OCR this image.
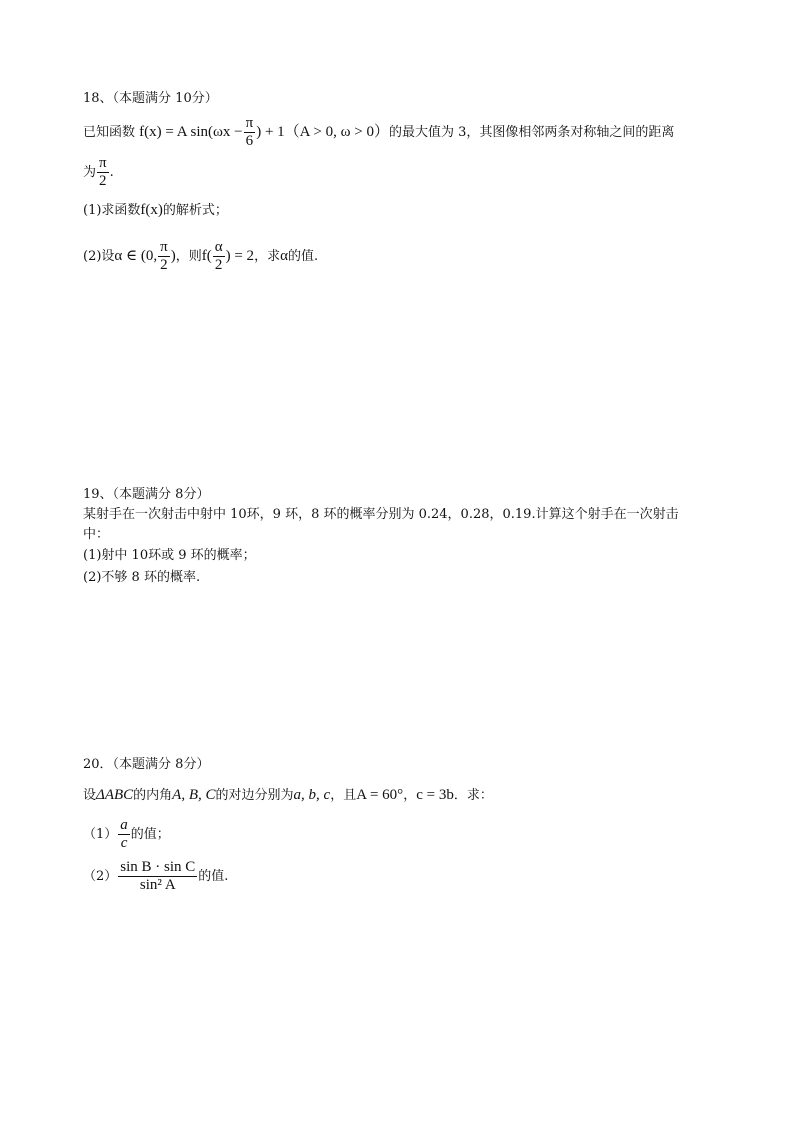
18、（本题满分 10分）
已知函数 f(x) = A $\sin(\omega x - \frac{\pi}{6}$ ) + 1（A > 0, ω > 0）的最大值为 3，其图像相邻两条对称轴之间的距离
为 $\frac{\pi}{2}$ .
(1)求函数f(x)的解析式；
(2)设α ∈ (0, $\frac{\pi}{2}$ )，则$f( \frac{\alpha}{2}$ ) = 2，求α的值.
19、（本题满分 8分）
某射手在一次射击中射中 10环，9 环，8 环的概率分别为 0.24，0.28，0.19.计算这个射手在一次射击
中：
(1)射中 10环或 9 环的概率；
(2)不够 8 环的概率.
20．（本题满分 8分）
设ΔABC的内角A, B, C的对边分别为a, b, c，且A = 60°，c = 3b．求：
$(1) \frac{a}{c}$ 的值；
$(2) \frac{\text{sin B · sin C}}{\text{sin² A}}$ 的值.
